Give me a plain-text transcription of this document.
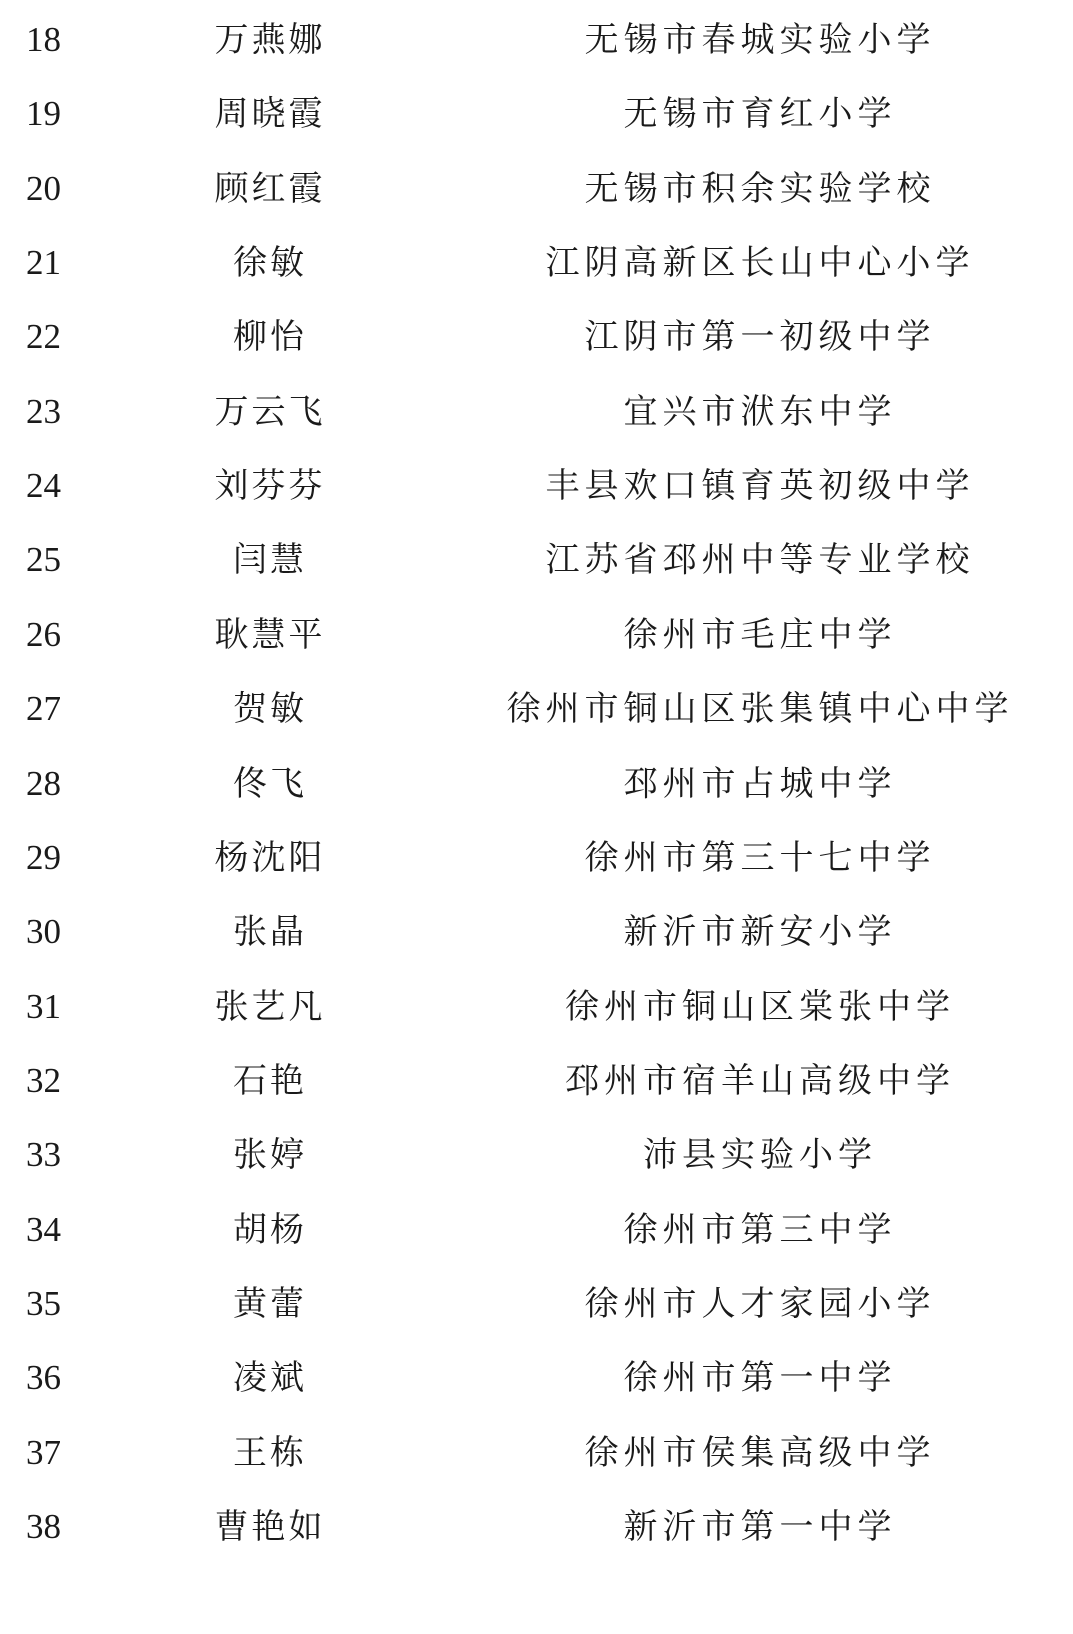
18	万燕娜	无锡市春城实验小学
19	周晓霞	无锡市育红小学
20	顾红霞	无锡市积余实验学校
21	徐敏	江阴高新区长山中心小学
22	柳怡	江阴市第一初级中学
23	万云飞	宜兴市洑东中学
24	刘芬芬	丰县欢口镇育英初级中学
25	闫慧	江苏省邳州中等专业学校
26	耿慧平	徐州市毛庄中学
27	贺敏	徐州市铜山区张集镇中心中学
28	佟飞	邳州市占城中学
29	杨沈阳	徐州市第三十七中学
30	张晶	新沂市新安小学
31	张艺凡	徐州市铜山区棠张中学
32	石艳	邳州市宿羊山高级中学
33	张婷	沛县实验小学
34	胡杨	徐州市第三中学
35	黄蕾	徐州市人才家园小学
36	凌斌	徐州市第一中学
37	王栋	徐州市侯集高级中学
38	曹艳如	新沂市第一中学
